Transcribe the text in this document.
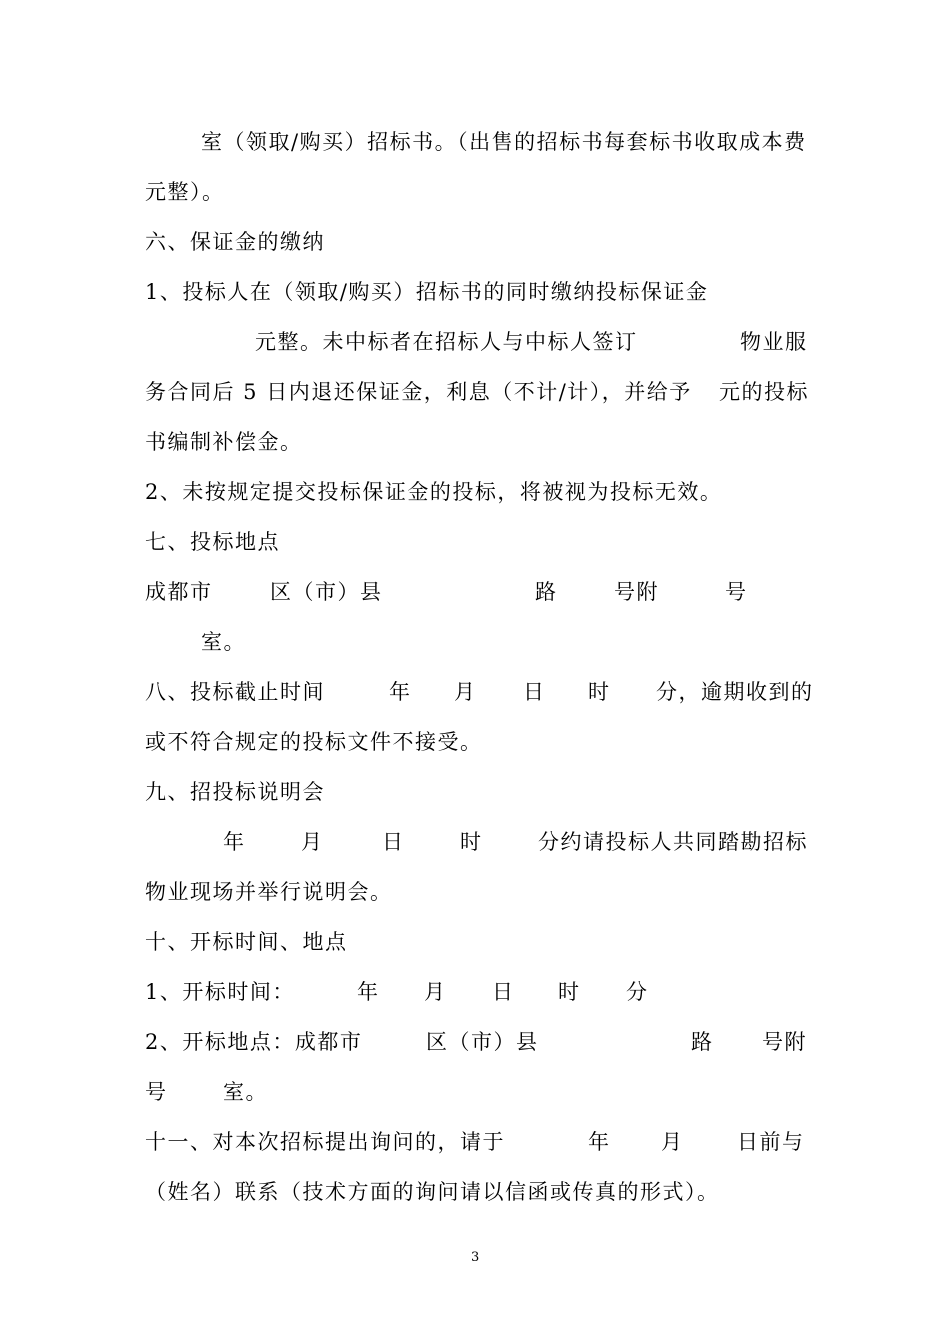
室（领取/购买）招标书。（出售的招标书每套标书收取成本费
元整）。
六、保证金的缴纳
1、投标人在（领取/购买）招标书的同时缴纳投标保证金
元整。未中标者在招标人与中标人签订	物业服
务合同后 5 日内退还保证金，利息（不计/计），并给予 元的投标
书编制补偿金。
2、未按规定提交投标保证金的投标，将被视为投标无效。
七、投标地点
成都市	区（市）县	路	号附	号
室。
八、投标截止时间	年 月 日 时 分，逾期收到的
或不符合规定的投标文件不接受。
九、招投标说明会
年	月	日	时	分约请投标人共同踏勘招标
物业现场并举行说明会。
十、开标时间、地点
1、开标时间：	年 月 日 时 分
2、开标地点：成都市	区（市）县	路 号附
号	室。
十一、对本次招标提出询问的，请于	年 月	日前与
（姓名）联系（技术方面的询问请以信函或传真的形式）。
3
